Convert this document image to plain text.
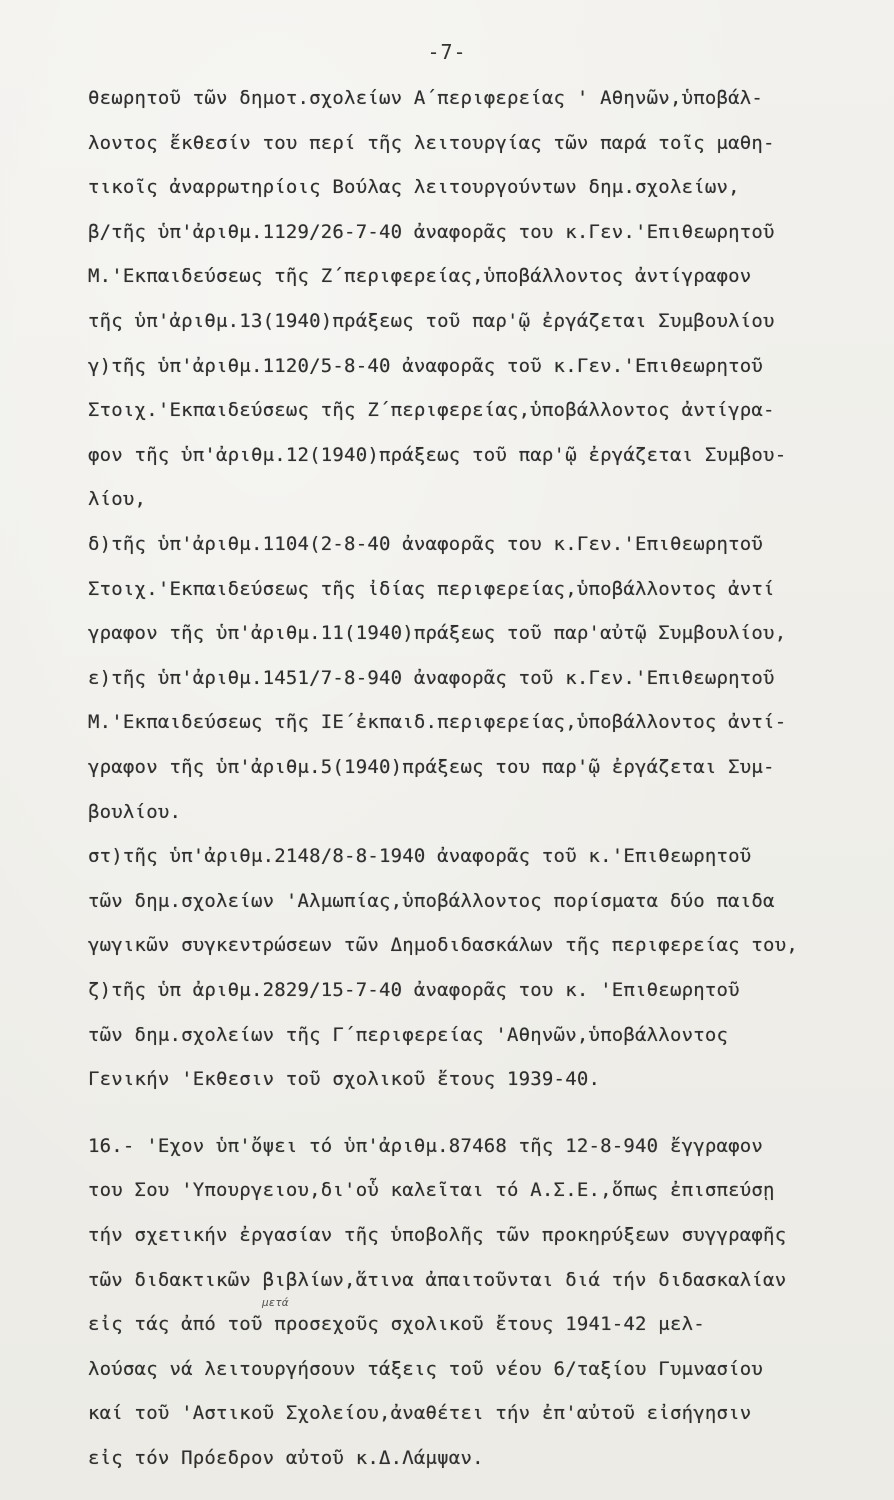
-7-
θεωρητοῦ τῶν δημοτ.σχολείων Α΄περιφερείας ' Αθηνῶν,ὑποβάλ-
λοντος ἔκθεσίν του περί τῆς λειτουργίας τῶν παρά τοῖς μαθη-
τικοῖς ἀναρρωτηρίοις Βούλας λειτουργούντων δημ.σχολείων,
β/τῆς ὑπ'ἀριθμ.1129/26-7-40 ἀναφορᾶς του κ.Γεν.'Επιθεωρητοῦ
Μ.'Εκπαιδεύσεως τῆς Ζ΄περιφερείας,ὑποβάλλοντος ἀντίγραφον
τῆς ὑπ'ἀριθμ.13(1940)πράξεως τοῦ παρ'ῷ ἐργάζεται Συμβουλίου
γ)τῆς ὑπ'ἀριθμ.1120/5-8-40 ἀναφορᾶς τοῦ κ.Γεν.'Επιθεωρητοῦ
Στοιχ.'Εκπαιδεύσεως τῆς Ζ΄περιφερείας,ὑποβάλλοντος ἀντίγρα-
φον τῆς ὑπ'ἀριθμ.12(1940)πράξεως τοῦ παρ'ῷ ἐργάζεται Συμβου-
λίου,
δ)τῆς ὑπ'ἀριθμ.1104(2-8-40 ἀναφορᾶς του κ.Γεν.'Επιθεωρητοῦ
Στοιχ.'Εκπαιδεύσεως τῆς ἰδίας περιφερείας,ὑποβάλλοντος ἀντί
γραφον τῆς ὑπ'ἀριθμ.11(1940)πράξεως τοῦ παρ'αὐτῷ Συμβουλίου,
ε)τῆς ὑπ'ἀριθμ.1451/7-8-940 ἀναφορᾶς τοῦ κ.Γεν.'Επιθεωρητοῦ
Μ.'Εκπαιδεύσεως τῆς ΙΕ΄ἐκπαιδ.περιφερείας,ὑποβάλλοντος ἀντί-
γραφον τῆς ὑπ'ἀριθμ.5(1940)πράξεως του παρ'ῷ ἐργάζεται Συμ-
βουλίου.
στ)τῆς ὑπ'ἀριθμ.2148/8-8-1940 ἀναφορᾶς τοῦ κ.'Επιθεωρητοῦ
τῶν δημ.σχολείων 'Αλμωπίας,ὑποβάλλοντος πορίσματα δύο παιδα
γωγικῶν συγκεντρώσεων τῶν Δημοδιδασκάλων τῆς περιφερείας του,
ζ)τῆς ὑπ ἀριθμ.2829/15-7-40 ἀναφορᾶς του κ. 'Επιθεωρητοῦ
τῶν δημ.σχολείων τῆς Γ΄περιφερείας 'Αθηνῶν,ὑποβάλλοντος
Γενικήν 'Εκθεσιν τοῦ σχολικοῦ ἔτους 1939-40.
16.- 'Εχον ὑπ'ὄψει τό ὑπ'ἀριθμ.87468 τῆς 12-8-940 ἔγγραφον
του Σου 'Υπουργειου,δι'οὗ καλεῖται τό Α.Σ.Ε.,ὅπως ἐπισπεύσῃ
τήν σχετικήν ἐργασίαν τῆς ὑποβολῆς τῶν προκηρύξεων συγγραφῆς
τῶν διδακτικῶν βιβλίων,ἅτινα ἀπαιτοῦνται διά τήν διδασκαλίαν
μετά
εἰς τάς ἀπό τοῦ προσεχοῦς σχολικοῦ ἔτους 1941-42 μελ-
λούσας νά λειτουργήσουν τάξεις τοῦ νέου 6/ταξίου Γυμνασίου
καί τοῦ 'Αστικοῦ Σχολείου,ἀναθέτει τήν ἐπ'αὐτοῦ εἰσήγησιν
εἰς τόν Πρόεδρον αὐτοῦ κ.Δ.Λάμψαν.
